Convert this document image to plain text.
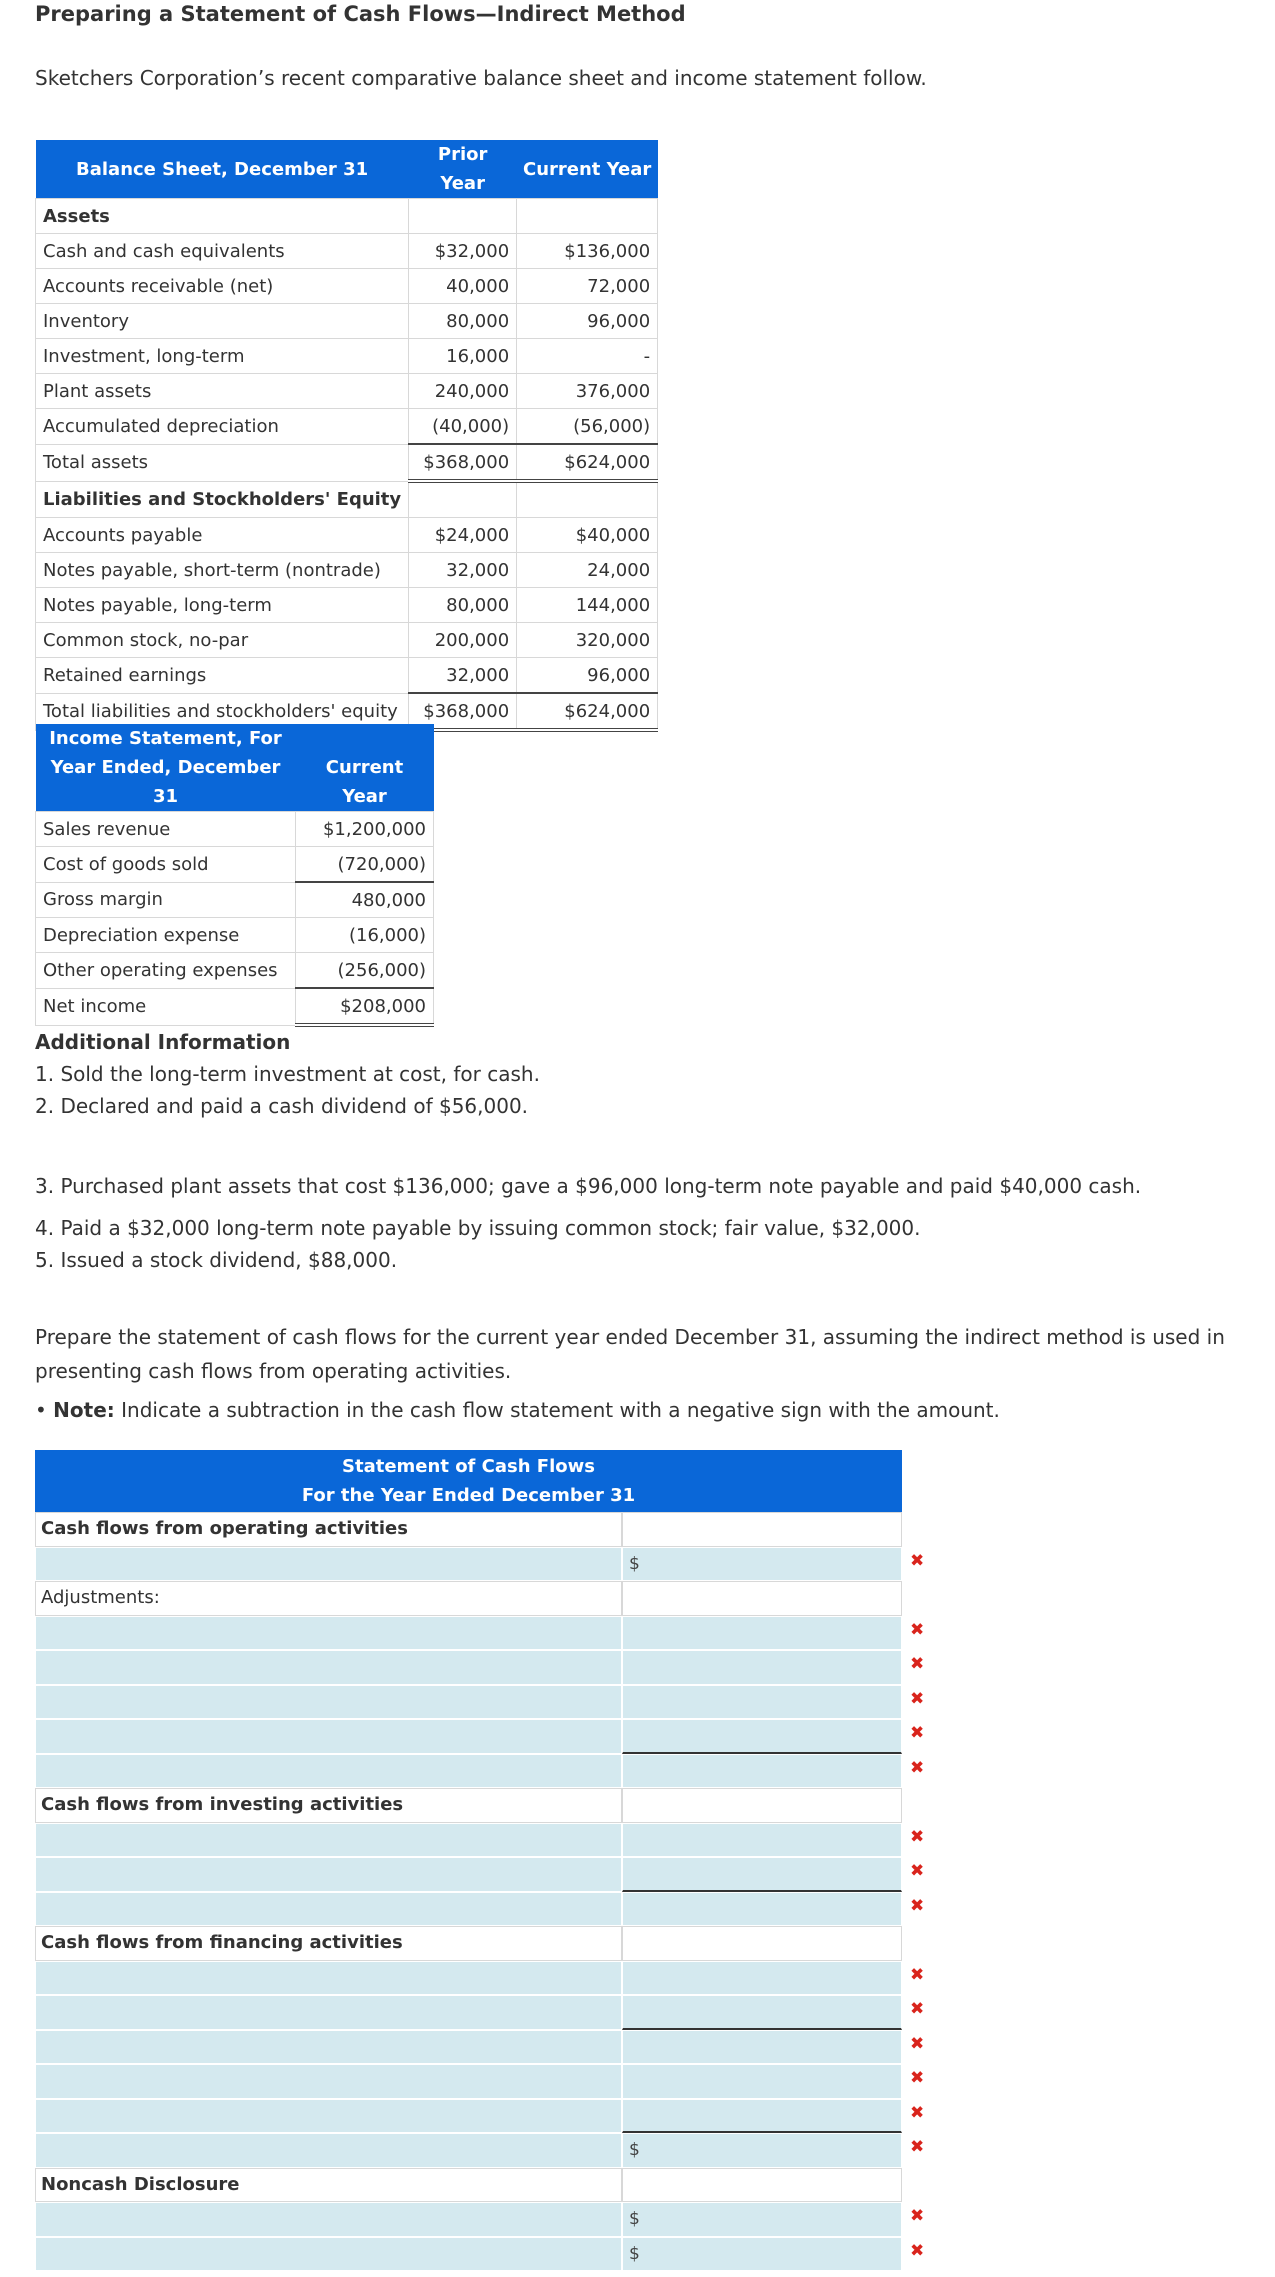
Preparing a Statement of Cash Flows—Indirect Method

Sketchers Corporation’s recent comparative balance sheet and income statement follow.

Balance Sheet, December 31	Prior Year	Current Year
Assets		
Cash and cash equivalents	$32,000	$136,000
Accounts receivable (net)	40,000	72,000
Inventory	80,000	96,000
Investment, long-term	16,000	-
Plant assets	240,000	376,000
Accumulated depreciation	(40,000)	(56,000)
Total assets	$368,000	$624,000
Liabilities and Stockholders' Equity		
Accounts payable	$24,000	$40,000
Notes payable, short-term (nontrade)	32,000	24,000
Notes payable, long-term	80,000	144,000
Common stock, no-par	200,000	320,000
Retained earnings	32,000	96,000
Total liabilities and stockholders' equity	$368,000	$624,000
Income Statement, For
Year Ended, December 31	Current Year
Sales revenue	$1,200,000
Cost of goods sold	(720,000)
Gross margin	480,000
Depreciation expense	(16,000)
Other operating expenses	(256,000)
Net income	$208,000
Additional Information

1. Sold the long-term investment at cost, for cash.

2. Declared and paid a cash dividend of $56,000.

3. Purchased plant assets that cost $136,000; gave a $96,000 long-term note payable and paid $40,000 cash.

4. Paid a $32,000 long-term note payable by issuing common stock; fair value, $32,000.

5. Issued a stock dividend, $88,000.

Prepare the statement of cash flows for the current year ended December 31, assuming the indirect method is used in presenting cash flows from operating activities.

• Note: Indicate a subtraction in the cash flow statement with a negative sign with the amount.

Statement of Cash Flows
For the Year Ended December 31
Cash flows from operating activities
$	✖
Adjustments:
✖
✖
✖
✖
✖
Cash flows from investing activities
✖
✖
✖
Cash flows from financing activities
✖
✖
✖
✖
✖
$	✖
Noncash Disclosure
$	✖
$	✖
